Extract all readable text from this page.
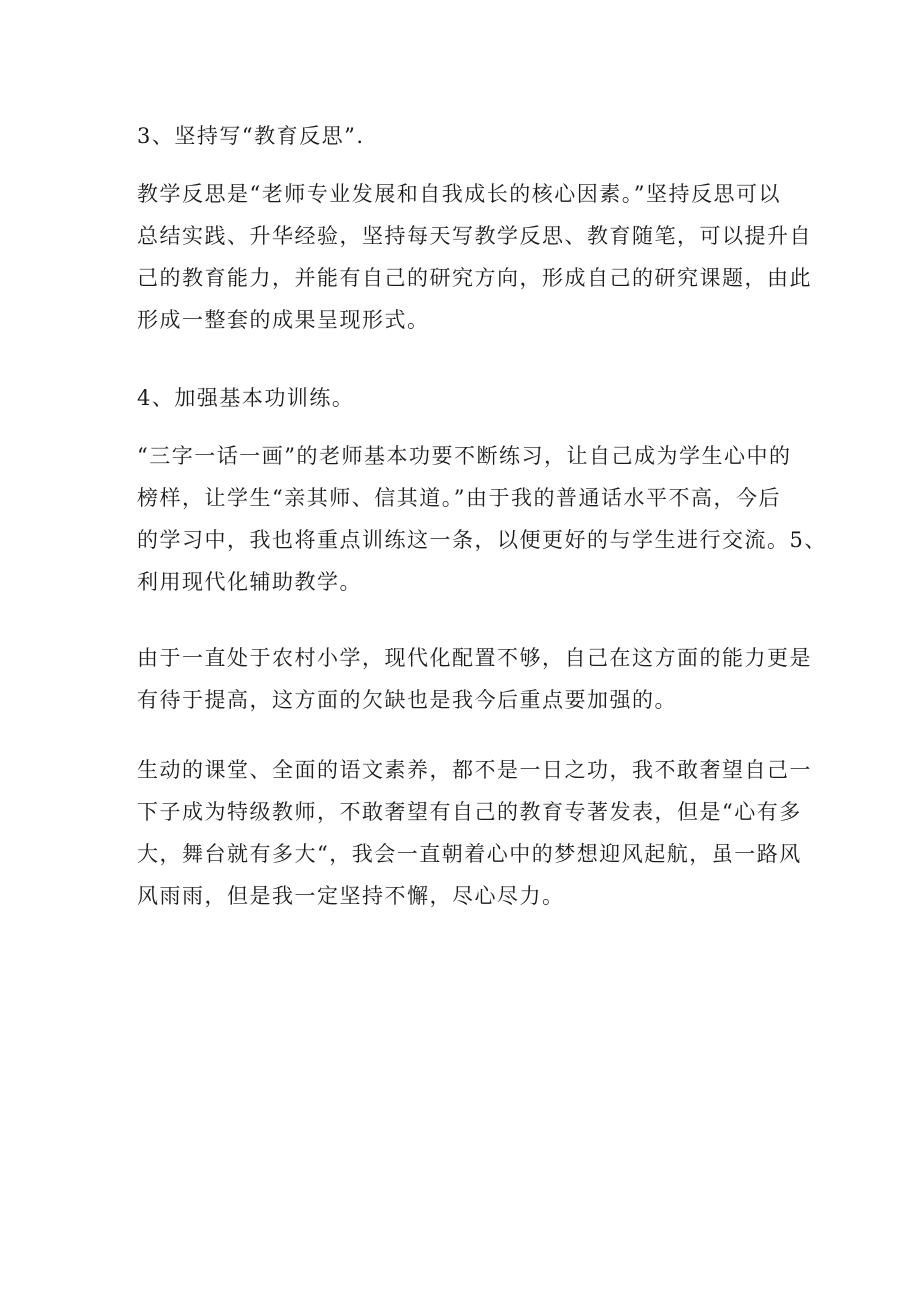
3、坚持写“教育反思”.
教学反思是“老师专业发展和自我成长的核心因素。”坚持反思可以
总结实践、升华经验，坚持每天写教学反思、教育随笔，可以提升自
己的教育能力，并能有自己的研究方向，形成自己的研究课题，由此
形成一整套的成果呈现形式。
4、加强基本功训练。
“三字一话一画”的老师基本功要不断练习，让自己成为学生心中的
榜样，让学生“亲其师、信其道。”由于我的普通话水平不高，今后
的学习中，我也将重点训练这一条，以便更好的与学生进行交流。5、
利用现代化辅助教学。
由于一直处于农村小学，现代化配置不够，自己在这方面的能力更是
有待于提高，这方面的欠缺也是我今后重点要加强的。
生动的课堂、全面的语文素养，都不是一日之功，我不敢奢望自己一
下子成为特级教师，不敢奢望有自己的教育专著发表，但是“心有多
大，舞台就有多大“，我会一直朝着心中的梦想迎风起航，虽一路风
风雨雨，但是我一定坚持不懈，尽心尽力。
